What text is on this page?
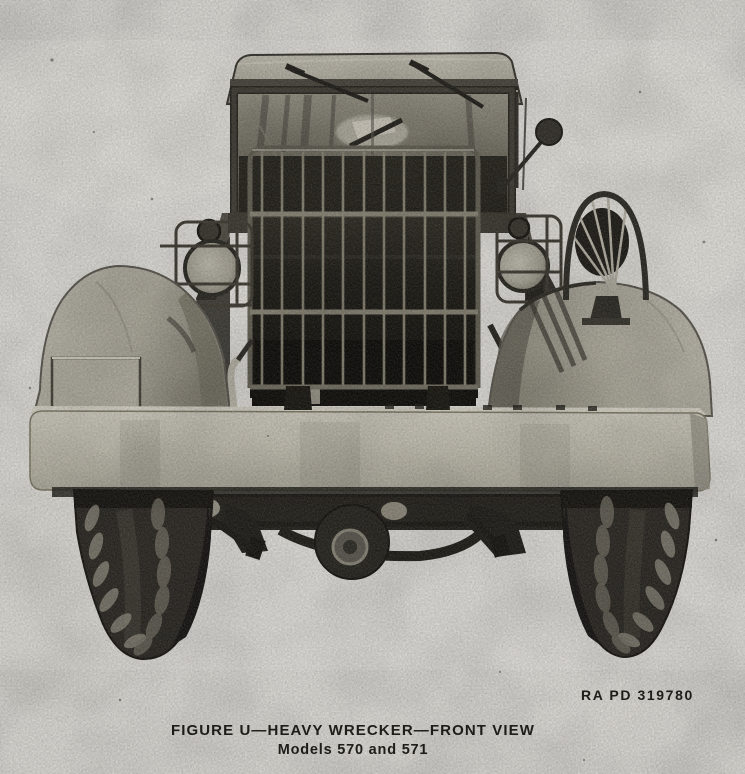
RA PD 319780
FIGURE U—HEAVY WRECKER—FRONT VIEW
Models 570 and 571
